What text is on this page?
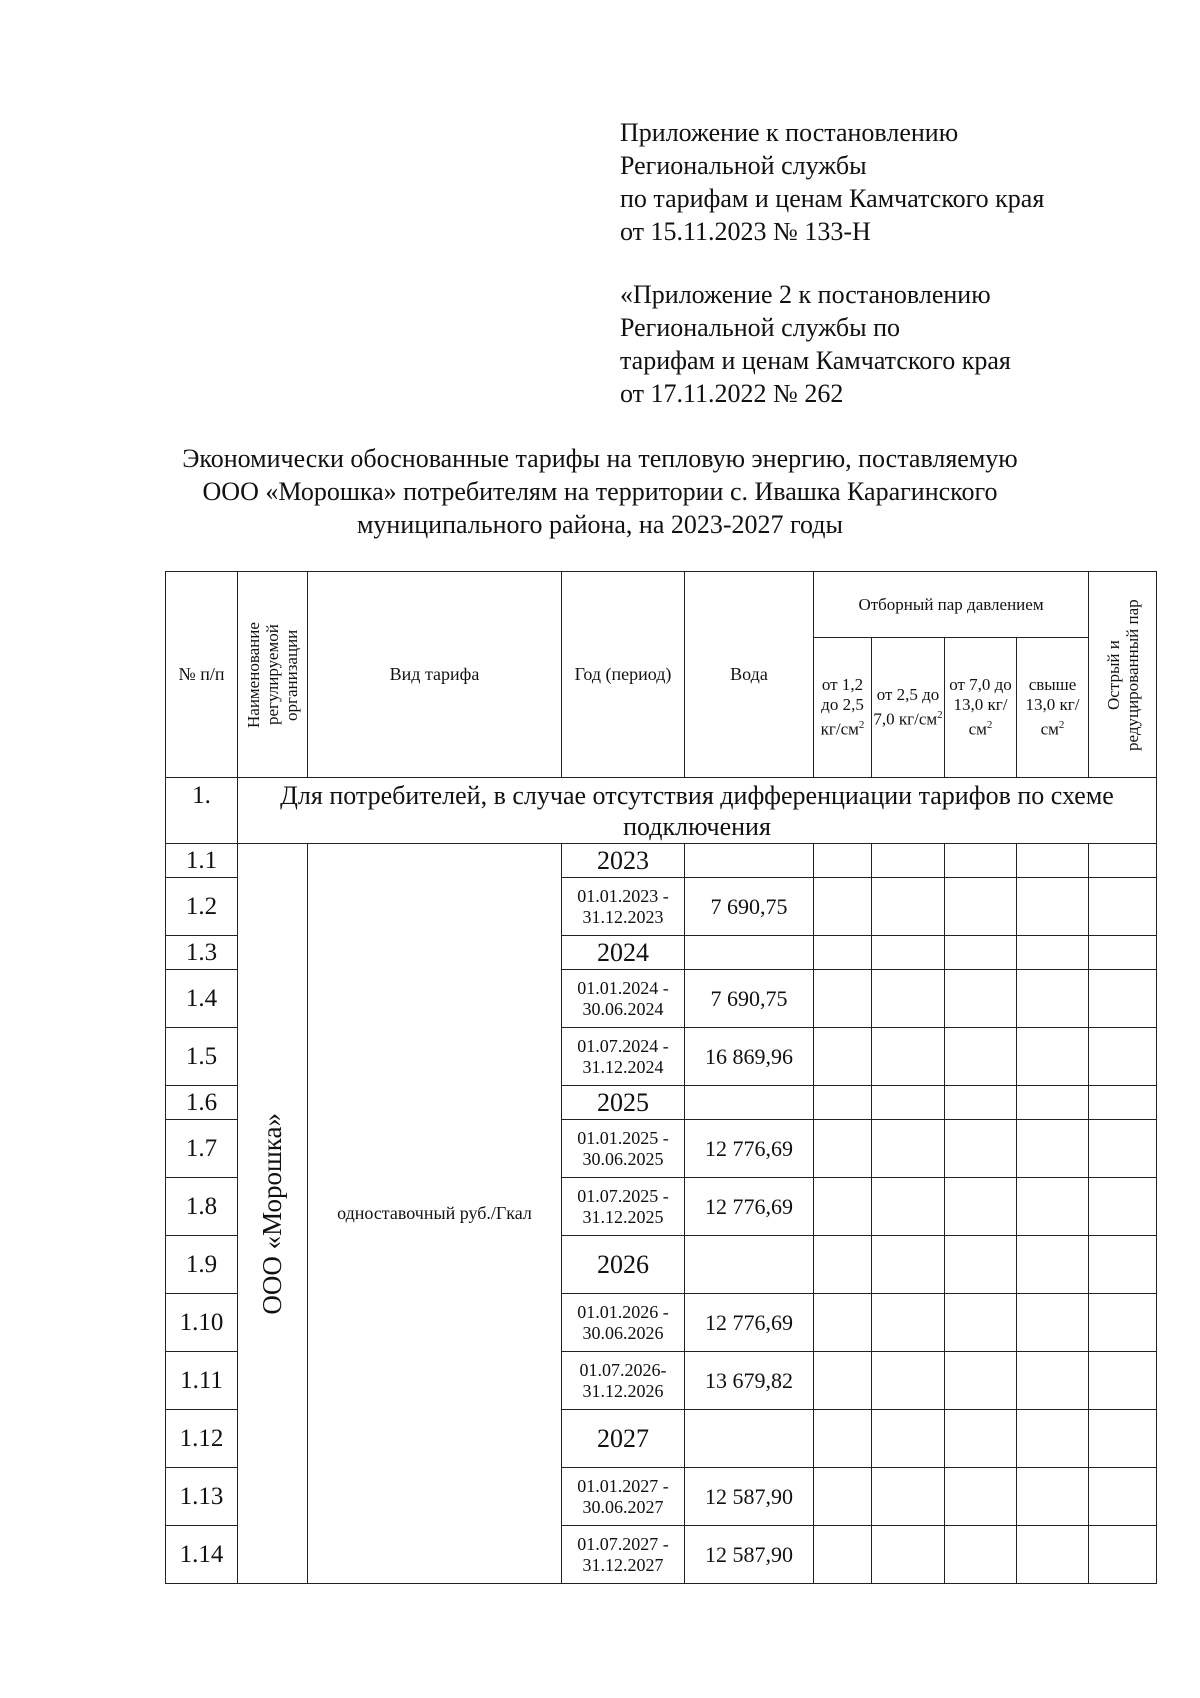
Приложение к постановлению
Региональной службы
по тарифам и ценам Камчатского края
от 15.11.2023 № 133-Н
«Приложение 2 к постановлению
Региональной службы по
тарифам и ценам Камчатского края
от 17.11.2022 № 262
Экономически обоснованные тарифы на тепловую энергию, поставляемую
ООО «Морошка» потребителям на территории с. Ивашка Карагинского
муниципального района, на 2023-2027 годы
№ п/п	Наименование регулируемой организации	Вид тарифа	Год (период)	Вода	Отборный пар давлением				Острый и редуцированный пар

					от 1,2 до 2,5 $кг/см^2$	от 2,5 до 7,0 $кг/см^2$	от 7,0 до 13,0 $кг/см^2$	свыше 13,0 $кг/см^2$
1.	Для потребителей, в случае отсутствия дифференциации тарифов по схеме подключения								
1.1	ООО «Морошка»	одноставочный руб./Гкал	2023						
1.2			01.01.2023 - 31.12.2023	7 690,75					
1.3			2024						
1.4			01.01.2024 - 30.06.2024	7 690,75					
1.5			01.07.2024 - 31.12.2024	16 869,96					
1.6			2025						
1.7			01.01.2025 - 30.06.2025	12 776,69					
1.8			01.07.2025 - 31.12.2025	12 776,69					
1.9			2026						
1.10			01.01.2026 - 30.06.2026	12 776,69					
1.11			01.07.2026- 31.12.2026	13 679,82					
1.12			2027						
1.13			01.01.2027 - 30.06.2027	12 587,90					
1.14			01.07.2027 - 31.12.2027	12 587,90					
